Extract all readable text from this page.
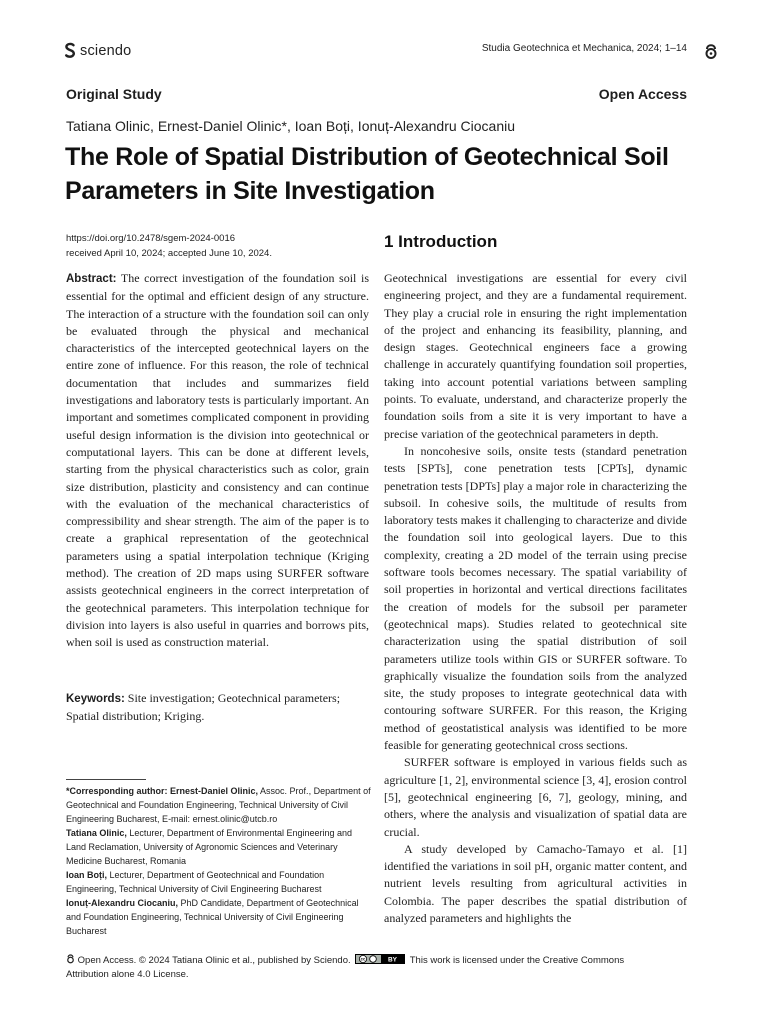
sciendo	Studia Geotechnica et Mechanica, 2024; 1–14
Original Study	Open Access
Tatiana Olinic, Ernest-Daniel Olinic*, Ioan Boți, Ionuț-Alexandru Ciocaniu
The Role of Spatial Distribution of Geotechnical Soil Parameters in Site Investigation
https://doi.org/10.2478/sgem-2024-0016
received April 10, 2024; accepted June 10, 2024.
Abstract: The correct investigation of the foundation soil is essential for the optimal and efficient design of any structure. The interaction of a structure with the foundation soil can only be evaluated through the physical and mechanical characteristics of the intercepted geotechnical layers on the entire zone of influence. For this reason, the role of technical documentation that includes and summarizes field investigations and laboratory tests is particularly important. An important and sometimes complicated component in providing useful design information is the division into geotechnical or computational layers. This can be done at different levels, starting from the physical characteristics such as color, grain size distribution, plasticity and consistency and can continue with the evaluation of the mechanical characteristics of compressibility and shear strength. The aim of the paper is to create a graphical representation of the geotechnical parameters using a spatial interpolation technique (Kriging method). The creation of 2D maps using SURFER software assists geotechnical engineers in the correct interpretation of the geotechnical parameters. This interpolation technique for division into layers is also useful in quarries and borrows pits, when soil is used as construction material.
Keywords: Site investigation; Geotechnical parameters; Spatial distribution; Kriging.

*Corresponding author: Ernest-Daniel Olinic, Assoc. Prof., Department of Geotechnical and Foundation Engineering, Technical University of Civil Engineering Bucharest, E-mail: ernest.olinic@utcb.ro

Tatiana Olinic, Lecturer, Department of Environmental Engineering and Land Reclamation, University of Agronomic Sciences and Veterinary Medicine Bucharest, Romania

Ioan Boți, Lecturer, Department of Geotechnical and Foundation Engineering, Technical University of Civil Engineering Bucharest

Ionuț-Alexandru Ciocaniu, PhD Candidate, Department of Geotechnical and Foundation Engineering, Technical University of Civil Engineering Bucharest

1 Introduction

Geotechnical investigations are essential for every civil engineering project, and they are a fundamental requirement. They play a crucial role in ensuring the right implementation of the project and enhancing its feasibility, planning, and design stages. Geotechnical engineers face a growing challenge in accurately quantifying foundation soil properties, taking into account potential variations between sampling points. To evaluate, understand, and characterize properly the foundation soils from a site it is very important to have a precise variation of the geotechnical parameters in depth.

In noncohesive soils, onsite tests (standard penetration tests [SPTs], cone penetration tests [CPTs], dynamic penetration tests [DPTs] play a major role in characterizing the subsoil. In cohesive soils, the multitude of results from laboratory tests makes it challenging to characterize and divide the foundation soil into geological layers. Due to this complexity, creating a 2D model of the terrain using precise software tools becomes necessary. The spatial variability of soil properties in horizontal and vertical directions facilitates the creation of models for the subsoil per parameter (geotechnical maps). Studies related to geotechnical site characterization using the spatial distribution of soil parameters utilize tools within GIS or SURFER software. To graphically visualize the foundation soils from the analyzed site, the study proposes to integrate geotechnical data with contouring software SURFER. For this reason, the Kriging method of geostatistical analysis was identified to be more feasible for generating geotechnical cross sections.

SURFER software is employed in various fields such as agriculture [1, 2], environmental science [3, 4], erosion control [5], geotechnical engineering [6, 7], geology, mining, and others, where the analysis and visualization of spatial data are crucial.

A study developed by Camacho-Tamayo et al. [1] identified the variations in soil pH, organic matter content, and nutrient levels resulting from agricultural activities in Colombia. The paper describes the spatial distribution of analyzed parameters and highlights the

Open Access. © 2024 Tatiana Olinic et al., published by Sciendo. cc	BY This work is licensed under the Creative Commons Attribution alone 4.0 License.
